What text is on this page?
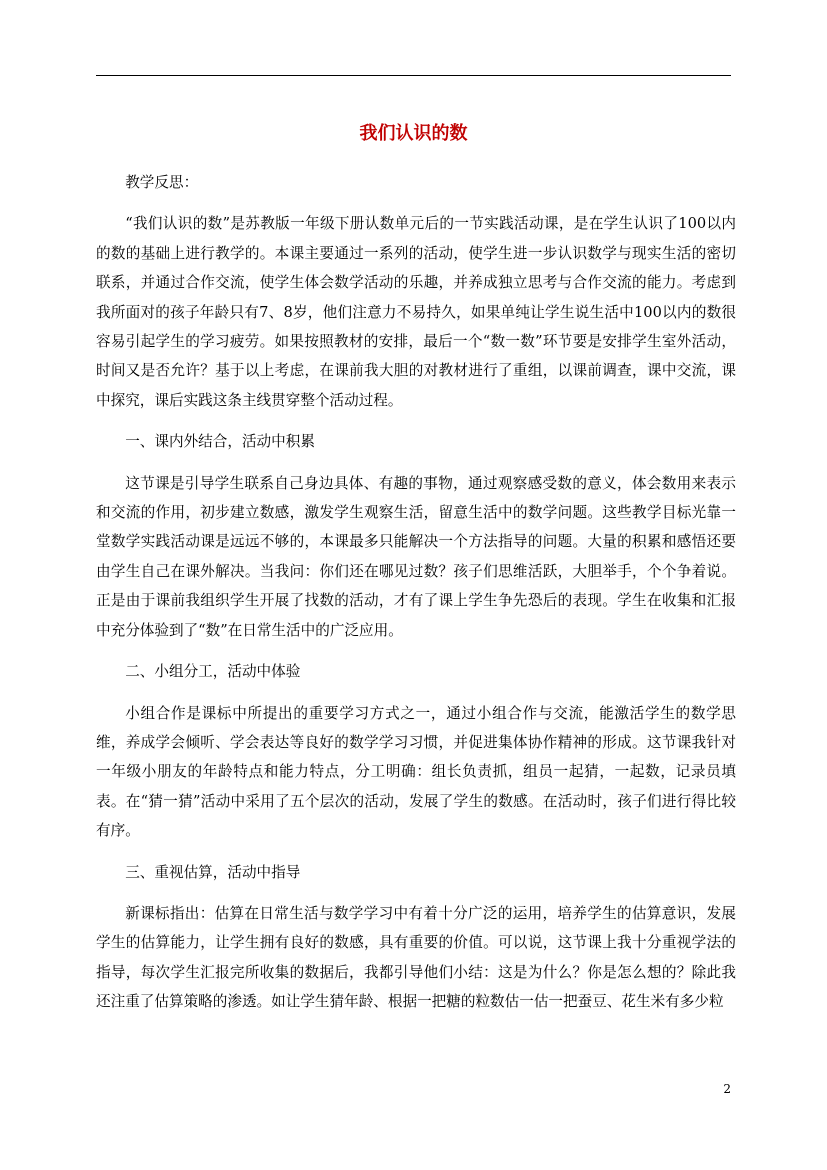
我们认识的数

教学反思：

“我们认识的数”是苏教版一年级下册认数单元后的一节实践活动课，是在学生认识了100以内的数的基础上进行教学的。本课主要通过一系列的活动，使学生进一步认识数学与现实生活的密切联系，并通过合作交流，使学生体会数学活动的乐趣，并养成独立思考与合作交流的能力。考虑到我所面对的孩子年龄只有7、8岁，他们注意力不易持久，如果单纯让学生说生活中100以内的数很容易引起学生的学习疲劳。如果按照教材的安排，最后一个“数一数”环节要是安排学生室外活动，时间又是否允许？基于以上考虑，在课前我大胆的对教材进行了重组，以课前调查，课中交流，课中探究，课后实践这条主线贯穿整个活动过程。

一、课内外结合，活动中积累

这节课是引导学生联系自己身边具体、有趣的事物，通过观察感受数的意义，体会数用来表示和交流的作用，初步建立数感，激发学生观察生活，留意生活中的数学问题。这些教学目标光靠一堂数学实践活动课是远远不够的，本课最多只能解决一个方法指导的问题。大量的积累和感悟还要由学生自己在课外解决。当我问：你们还在哪见过数？孩子们思维活跃，大胆举手，个个争着说。正是由于课前我组织学生开展了找数的活动，才有了课上学生争先恐后的表现。学生在收集和汇报中充分体验到了“数”在日常生活中的广泛应用。

二、小组分工，活动中体验

小组合作是课标中所提出的重要学习方式之一，通过小组合作与交流，能激活学生的数学思维，养成学会倾听、学会表达等良好的数学学习习惯，并促进集体协作精神的形成。这节课我针对一年级小朋友的年龄特点和能力特点，分工明确：组长负责抓，组员一起猜，一起数，记录员填表。在“猜一猜”活动中采用了五个层次的活动，发展了学生的数感。在活动时，孩子们进行得比较有序。

三、重视估算，活动中指导

新课标指出：估算在日常生活与数学学习中有着十分广泛的运用，培养学生的估算意识，发展学生的估算能力，让学生拥有良好的数感，具有重要的价值。可以说，这节课上我十分重视学法的指导，每次学生汇报完所收集的数据后，我都引导他们小结：这是为什么？你是怎么想的？除此我还注重了估算策略的渗透。如让学生猜年龄、根据一把糖的粒数估一估一把蚕豆、花生米有多少粒

2
